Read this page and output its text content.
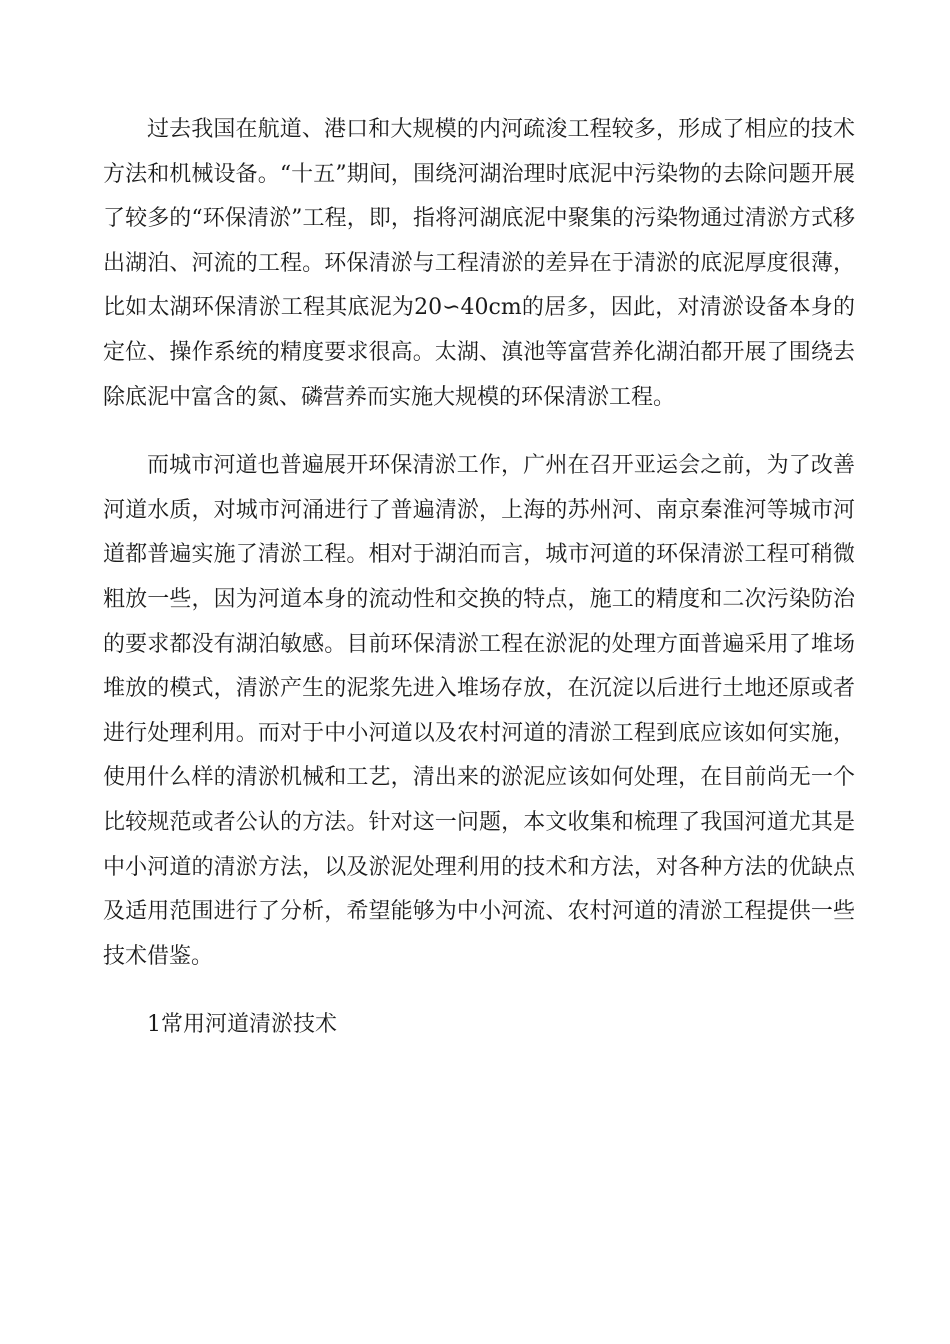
过去我国在航道、港口和大规模的内河疏浚工程较多，形成了相应的技术方法和机械设备。“十五”期间，围绕河湖治理时底泥中污染物的去除问题开展了较多的“环保清淤”工程，即，指将河湖底泥中聚集的污染物通过清淤方式移出湖泊、河流的工程。环保清淤与工程清淤的差异在于清淤的底泥厚度很薄，比如太湖环保清淤工程其底泥为20∽40cm的居多，因此，对清淤设备本身的定位、操作系统的精度要求很高。太湖、滇池等富营养化湖泊都开展了围绕去除底泥中富含的氮、磷营养而实施大规模的环保清淤工程。

而城市河道也普遍展开环保清淤工作，广州在召开亚运会之前，为了改善河道水质，对城市河涌进行了普遍清淤，上海的苏州河、南京秦淮河等城市河道都普遍实施了清淤工程。相对于湖泊而言，城市河道的环保清淤工程可稍微粗放一些，因为河道本身的流动性和交换的特点，施工的精度和二次污染防治的要求都没有湖泊敏感。目前环保清淤工程在淤泥的处理方面普遍采用了堆场堆放的模式，清淤产生的泥浆先进入堆场存放，在沉淀以后进行土地还原或者进行处理利用。而对于中小河道以及农村河道的清淤工程到底应该如何实施，使用什么样的清淤机械和工艺，清出来的淤泥应该如何处理，在目前尚无一个比较规范或者公认的方法。针对这一问题，本文收集和梳理了我国河道尤其是中小河道的清淤方法，以及淤泥处理利用的技术和方法，对各种方法的优缺点及适用范围进行了分析，希望能够为中小河流、农村河道的清淤工程提供一些技术借鉴。

1常用河道清淤技术
